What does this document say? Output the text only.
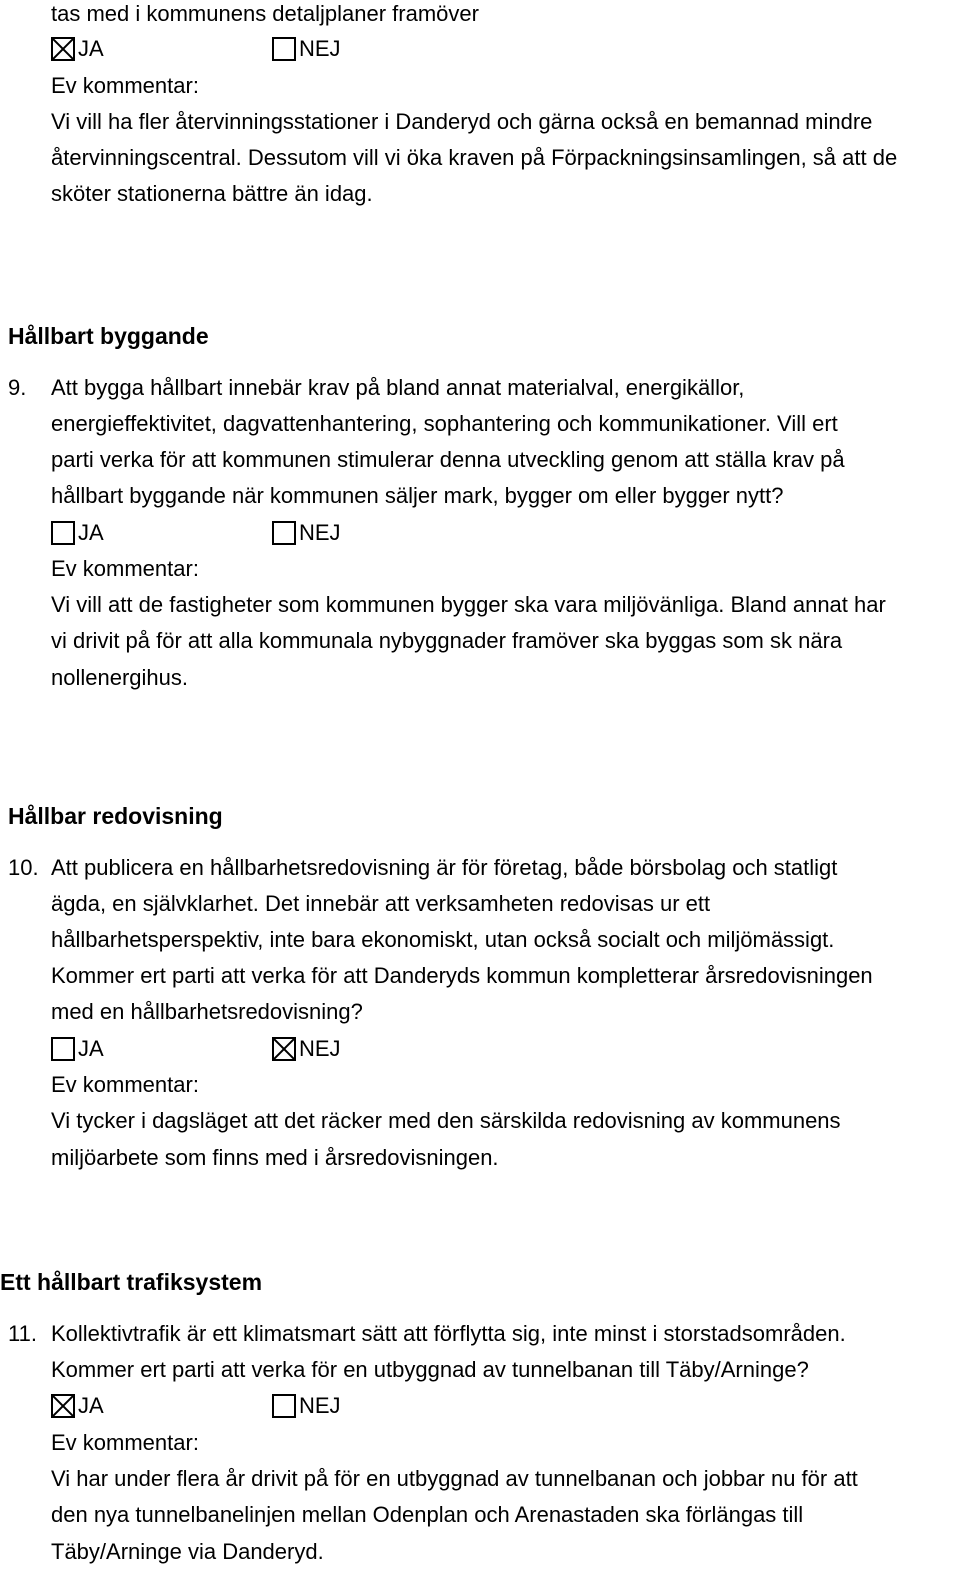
tas med i kommunens detaljplaner framöver
JA	NEJ
Ev kommentar:
Vi vill ha fler återvinningsstationer i Danderyd och gärna också en bemannad mindre
återvinningscentral. Dessutom vill vi öka kraven på Förpackningsinsamlingen, så att de
sköter stationerna bättre än idag.
Hållbart byggande
9. Att bygga hållbart innebär krav på bland annat materialval, energikällor,
energieffektivitet, dagvattenhantering, sophantering och kommunikationer. Vill ert
parti verka för att kommunen stimulerar denna utveckling genom att ställa krav på
hållbart byggande när kommunen säljer mark, bygger om eller bygger nytt?
JA	NEJ
Ev kommentar:
Vi vill att de fastigheter som kommunen bygger ska vara miljövänliga. Bland annat har
vi drivit på för att alla kommunala nybyggnader framöver ska byggas som sk nära
nollenergihus.
Hållbar redovisning
10. Att publicera en hållbarhetsredovisning är för företag, både börsbolag och statligt
ägda, en självklarhet. Det innebär att verksamheten redovisas ur ett
hållbarhetsperspektiv, inte bara ekonomiskt, utan också socialt och miljömässigt.
Kommer ert parti att verka för att Danderyds kommun kompletterar årsredovisningen
med en hållbarhetsredovisning?
JA	NEJ
Ev kommentar:
Vi tycker i dagsläget att det räcker med den särskilda redovisning av kommunens
miljöarbete som finns med i årsredovisningen.
Ett hållbart trafiksystem
11. Kollektivtrafik är ett klimatsmart sätt att förflytta sig, inte minst i storstadsområden.
Kommer ert parti att verka för en utbyggnad av tunnelbanan till Täby/Arninge?
JA	NEJ
Ev kommentar:
Vi har under flera år drivit på för en utbyggnad av tunnelbanan och jobbar nu för att
den nya tunnelbanelinjen mellan Odenplan och Arenastaden ska förlängas till
Täby/Arninge via Danderyd.
